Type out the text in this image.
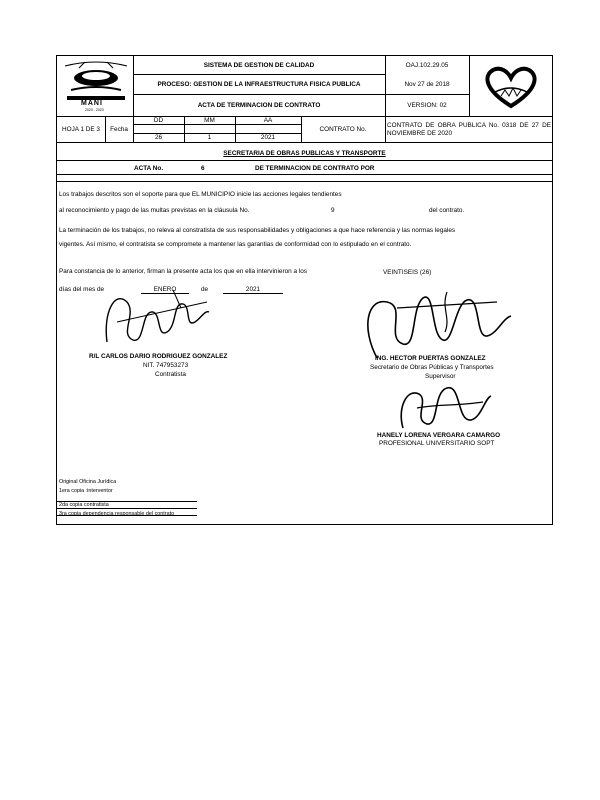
MANI
2020 - 2023
SISTEMA DE GESTION DE CALIDAD
PROCESO: GESTION DE LA INFRAESTRUCTURA FISICA PUBLICA
ACTA DE TERMINACION DE CONTRATO
OAJ.102.29.05
Nov 27 de 2018
VERSION: 02
HOJA 1 DE 3	Fecha
DD	MM	AA
26	1	2021
CONTRATO No.	CONTRATO DE OBRA PUBLICA No. 0318 DE 27 DE NOVIEMBRE DE 2020
SECRETARIA DE OBRAS PUBLICAS Y TRANSPORTE
ACTA No.	6	DE TERMINACION DE CONTRATO POR
Los trabajos descritos son el soporte para que EL MUNICIPIO inicie las acciones legales tendientes
al reconocimiento y pago de las multas previstas en la cláusula No.	9	del contrato.
La terminación de los trabajos, no releva al constratista de sus responsabilidades y obligaciones a que hace referencia y las normas legales
vigentes. Así mismo, el contratista se compromete a mantener las garantias de conformidad con lo estipulado en el contrato.
Para constancia de lo anterior, firman la presente acta los que en ella intervinieron a los	VEINTISEIS (26)
días del mes de	ENERO	de	2021
R/L CARLOS DARIO RODRIGUEZ GONZALEZ
NIT. 747953273
Contratista
ING. HECTOR PUERTAS GONZALEZ
Secretario de Obras Públicas y Transportes
Supervisor
HANELY LORENA VERGARA CAMARGO
PROFESIONAL UNIVERSITARIO SOPT
Original Oficina Jurídica
1era copia :interventor
2da copia contratista
3ra copia dependencia responsable del contrato
